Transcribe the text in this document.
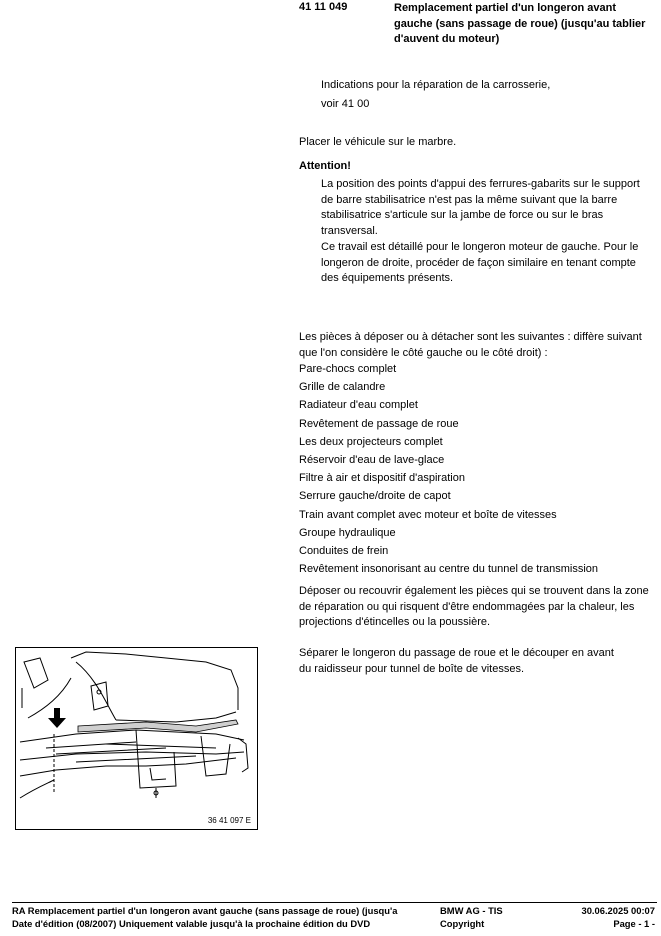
41 11 049	Remplacement partiel d'un longeron avant gauche (sans passage de roue) (jusqu'au tablier d'auvent du moteur)
Indications pour la réparation de la carrosserie,
voir 41 00
Placer le véhicule sur le marbre.
Attention!
La position des points d'appui des ferrures-gabarits sur le support de barre stabilisatrice n'est pas la même suivant que la barre stabilisatrice s'articule sur la jambe de force ou sur le bras transversal.
Ce travail est détaillé pour le longeron moteur de gauche. Pour le longeron de droite, procéder de façon similaire en tenant compte des équipements présents.
Les pièces à déposer ou à détacher sont les suivantes : diffère suivant que l'on considère le côté gauche ou le côté droit) :
Pare-chocs complet
Grille de calandre
Radiateur d'eau complet
Revêtement de passage de roue
Les deux projecteurs complet
Réservoir d'eau de lave-glace
Filtre à air et dispositif d'aspiration
Serrure gauche/droite de capot
Train avant complet avec moteur et boîte de vitesses
Groupe hydraulique
Conduites de frein
Revêtement insonorisant au centre du tunnel de transmission
Déposer ou recouvrir également les pièces qui se trouvent dans la zone de réparation ou qui risquent d'être endommagées par la chaleur, les projections d'étincelles ou la poussière.
Séparer le longeron du passage de roue et le découper en avant du raidisseur pour tunnel de boîte de vitesses.
36 41 097 E
RA Remplacement partiel d'un longeron avant gauche (sans passage de roue) (jusqu'a
Date d'édition (08/2007) Uniquement valable jusqu'à la prochaine édition du DVD
BMW AG - TIS
Copyright
30.06.2025 00:07
Page - 1 -
